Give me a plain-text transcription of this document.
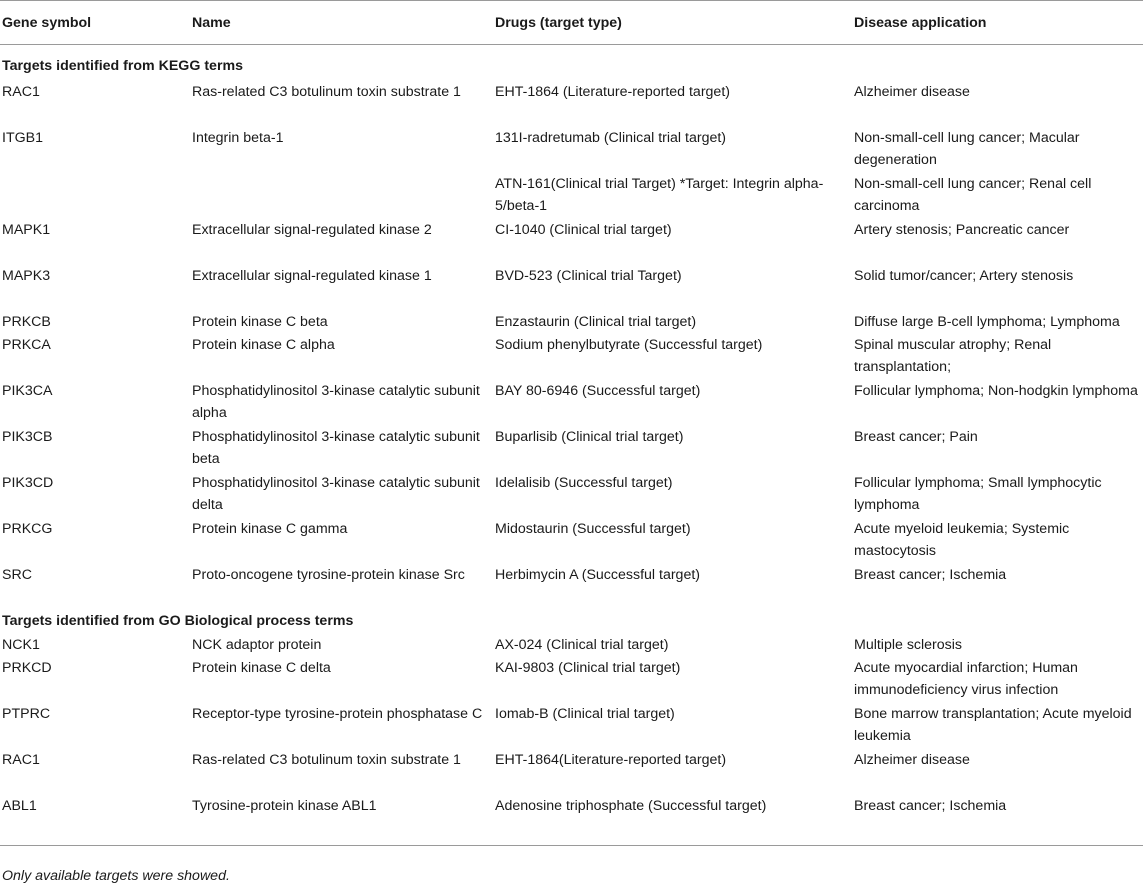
Gene symbol	Name	Drugs (target type)	Disease application
Targets identified from KEGG terms			
RAC1	Ras-related C3 botulinum toxin substrate 1	EHT-1864 (Literature-reported target)	Alzheimer disease
ITGB1	Integrin beta-1	131I-radretumab (Clinical trial target)	Non-small-cell lung cancer; Macular degeneration
		ATN-161(Clinical trial Target) *Target: Integrin alpha-5/beta-1	Non-small-cell lung cancer; Renal cell carcinoma
MAPK1	Extracellular signal-regulated kinase 2	CI-1040 (Clinical trial target)	Artery stenosis; Pancreatic cancer
MAPK3	Extracellular signal-regulated kinase 1	BVD-523 (Clinical trial Target)	Solid tumor/cancer; Artery stenosis
PRKCB	Protein kinase C beta	Enzastaurin (Clinical trial target)	Diffuse large B-cell lymphoma; Lymphoma
PRKCA	Protein kinase C alpha	Sodium phenylbutyrate (Successful target)	Spinal muscular atrophy; Renal transplantation;
PIK3CA	Phosphatidylinositol 3-kinase catalytic subunit alpha	BAY 80-6946 (Successful target)	Follicular lymphoma; Non-hodgkin lymphoma
PIK3CB	Phosphatidylinositol 3-kinase catalytic subunit beta	Buparlisib (Clinical trial target)	Breast cancer; Pain
PIK3CD	Phosphatidylinositol 3-kinase catalytic subunit delta	Idelalisib (Successful target)	Follicular lymphoma; Small lymphocytic lymphoma
PRKCG	Protein kinase C gamma	Midostaurin (Successful target)	Acute myeloid leukemia; Systemic mastocytosis
SRC	Proto-oncogene tyrosine-protein kinase Src	Herbimycin A (Successful target)	Breast cancer; Ischemia
Targets identified from GO Biological process terms			
NCK1	NCK adaptor protein	AX-024 (Clinical trial target)	Multiple sclerosis
PRKCD	Protein kinase C delta	KAI-9803 (Clinical trial target)	Acute myocardial infarction; Human immunodeficiency virus infection
PTPRC	Receptor-type tyrosine-protein phosphatase C	Iomab-B (Clinical trial target)	Bone marrow transplantation; Acute myeloid leukemia
RAC1	Ras-related C3 botulinum toxin substrate 1	EHT-1864(Literature-reported target)	Alzheimer disease
ABL1	Tyrosine-protein kinase ABL1	Adenosine triphosphate (Successful target)	Breast cancer; Ischemia
Only available targets were showed.
